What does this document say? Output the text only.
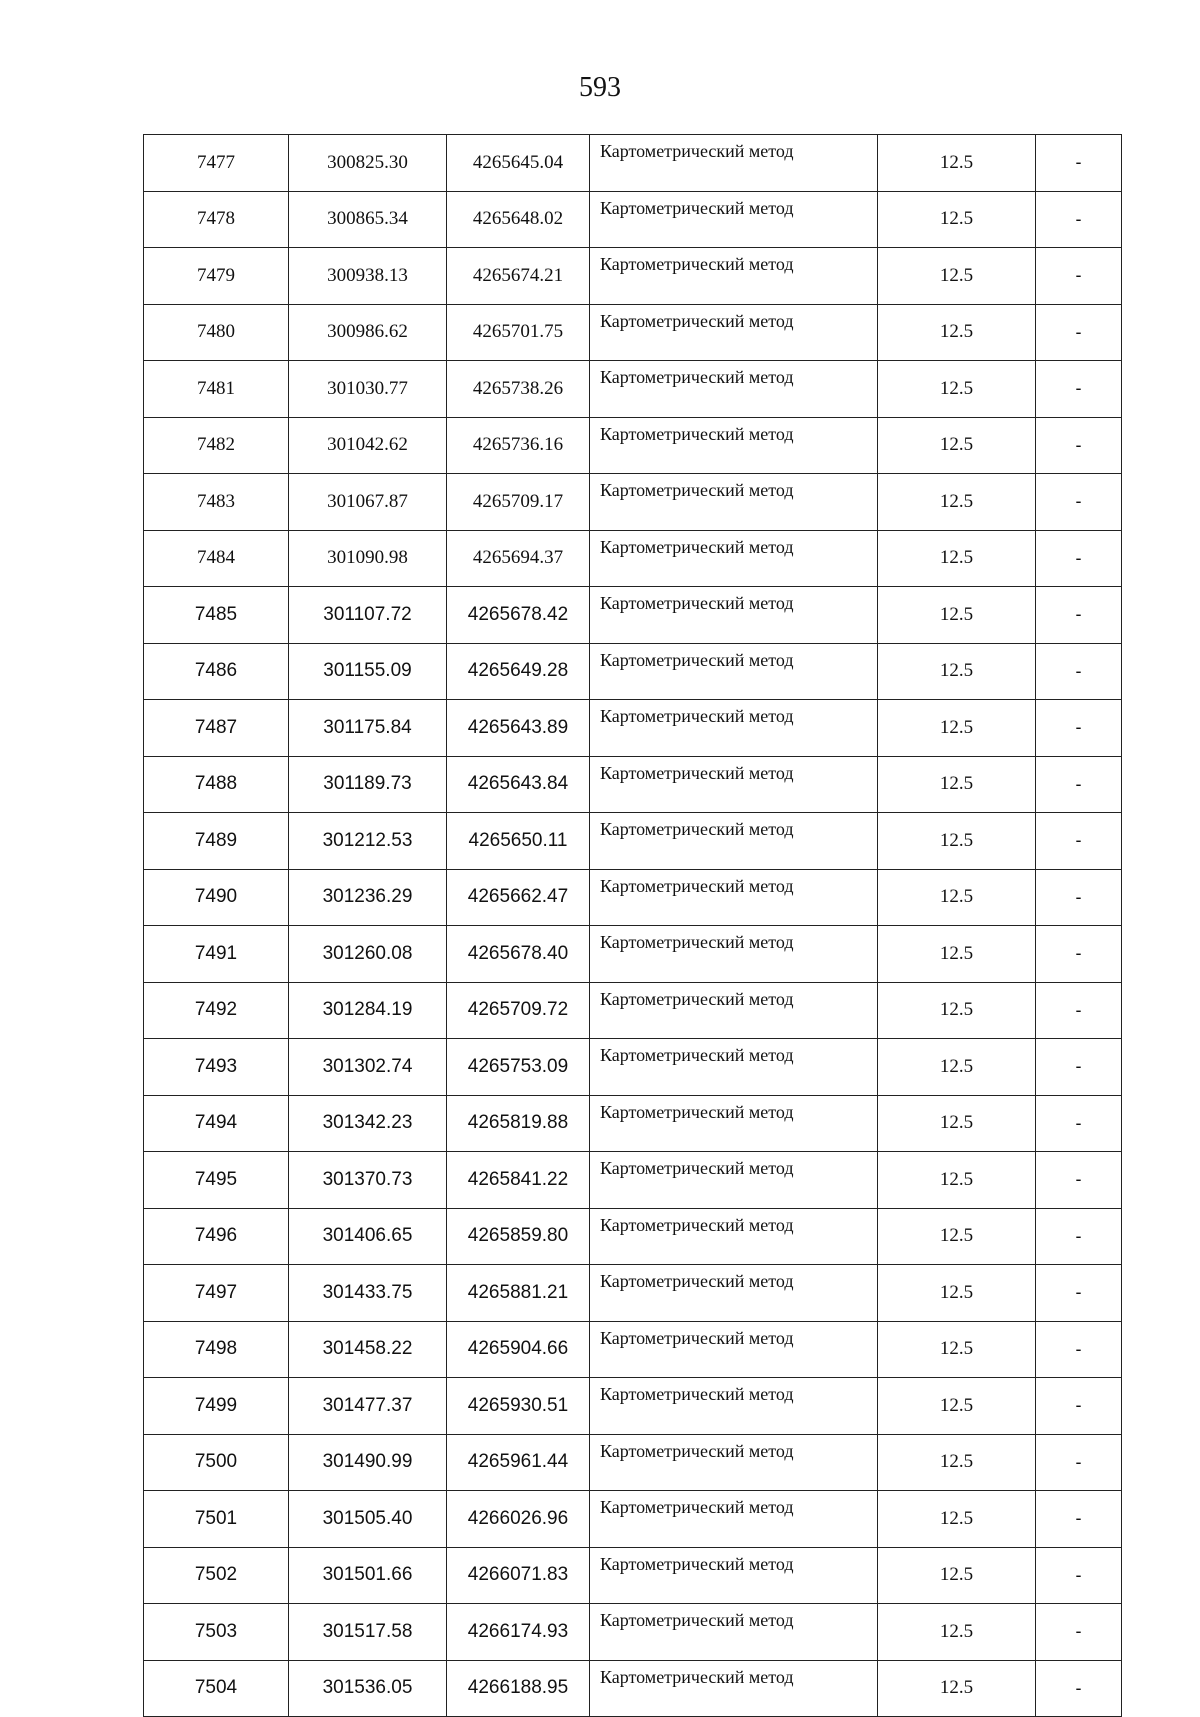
593
7477	300825.30	4265645.04	Картометрический метод	12.5	-
7478	300865.34	4265648.02	Картометрический метод	12.5	-
7479	300938.13	4265674.21	Картометрический метод	12.5	-
7480	300986.62	4265701.75	Картометрический метод	12.5	-
7481	301030.77	4265738.26	Картометрический метод	12.5	-
7482	301042.62	4265736.16	Картометрический метод	12.5	-
7483	301067.87	4265709.17	Картометрический метод	12.5	-
7484	301090.98	4265694.37	Картометрический метод	12.5	-
7485	301107.72	4265678.42	Картометрический метод	12.5	-
7486	301155.09	4265649.28	Картометрический метод	12.5	-
7487	301175.84	4265643.89	Картометрический метод	12.5	-
7488	301189.73	4265643.84	Картометрический метод	12.5	-
7489	301212.53	4265650.11	Картометрический метод	12.5	-
7490	301236.29	4265662.47	Картометрический метод	12.5	-
7491	301260.08	4265678.40	Картометрический метод	12.5	-
7492	301284.19	4265709.72	Картометрический метод	12.5	-
7493	301302.74	4265753.09	Картометрический метод	12.5	-
7494	301342.23	4265819.88	Картометрический метод	12.5	-
7495	301370.73	4265841.22	Картометрический метод	12.5	-
7496	301406.65	4265859.80	Картометрический метод	12.5	-
7497	301433.75	4265881.21	Картометрический метод	12.5	-
7498	301458.22	4265904.66	Картометрический метод	12.5	-
7499	301477.37	4265930.51	Картометрический метод	12.5	-
7500	301490.99	4265961.44	Картометрический метод	12.5	-
7501	301505.40	4266026.96	Картометрический метод	12.5	-
7502	301501.66	4266071.83	Картометрический метод	12.5	-
7503	301517.58	4266174.93	Картометрический метод	12.5	-
7504	301536.05	4266188.95	Картометрический метод	12.5	-
